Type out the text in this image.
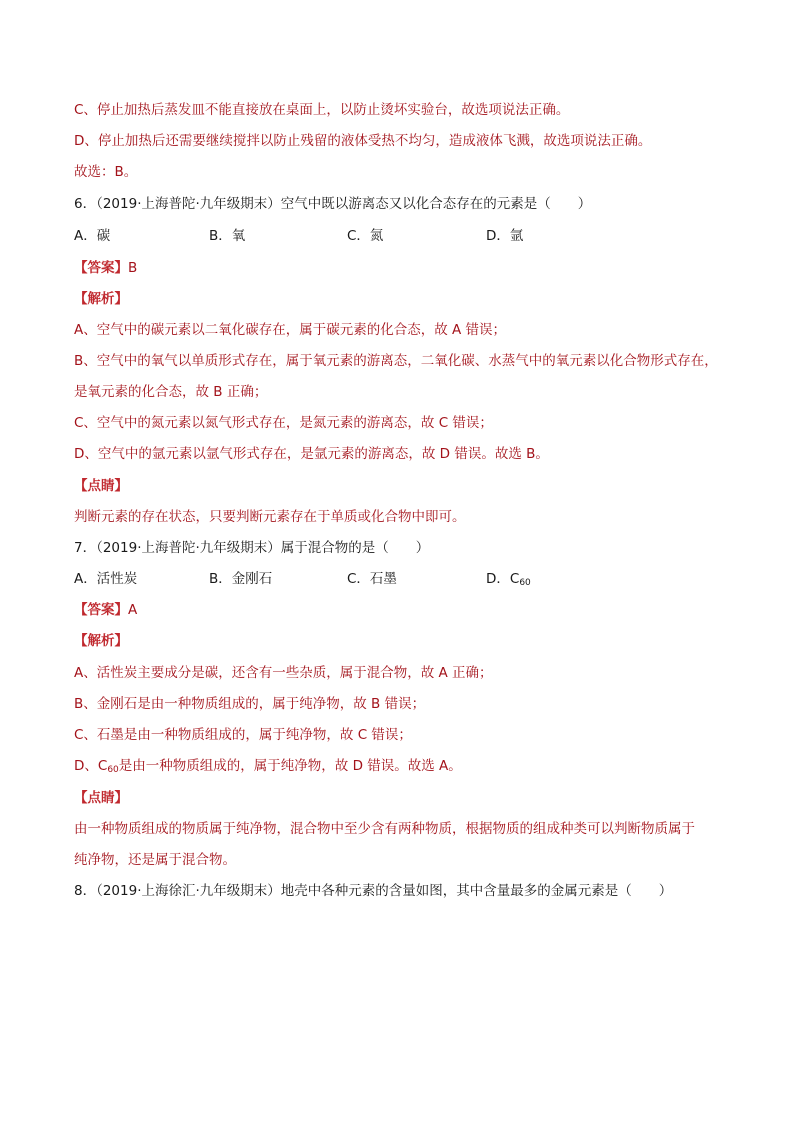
C、停止加热后蒸发皿不能直接放在桌面上，以防止烫坏实验台，故选项说法正确。
D、停止加热后还需要继续搅拌以防止残留的液体受热不均匀，造成液体飞溅，故选项说法正确。
故选：B。
6．（2019·上海普陀·九年级期末）空气中既以游离态又以化合态存在的元素是（　　）
A．碳	B．氧	C．氮	D．氩
【答案】B
【解析】
A、空气中的碳元素以二氧化碳存在，属于碳元素的化合态，故 A 错误；
B、空气中的氧气以单质形式存在，属于氧元素的游离态，二氧化碳、水蒸气中的氧元素以化合物形式存在，
是氧元素的化合态，故 B 正确；
C、空气中的氮元素以氮气形式存在，是氮元素的游离态，故 C 错误；
D、空气中的氩元素以氩气形式存在，是氩元素的游离态，故 D 错误。故选 B。
【点睛】
判断元素的存在状态，只要判断元素存在于单质或化合物中即可。
7．（2019·上海普陀·九年级期末）属于混合物的是（　　）
A．活性炭	B．金刚石	C．石墨	D．$C_{60}$
【答案】A
【解析】
A、活性炭主要成分是碳，还含有一些杂质，属于混合物，故 A 正确；
B、金刚石是由一种物质组成的，属于纯净物，故 B 错误；
C、石墨是由一种物质组成的，属于纯净物，故 C 错误；
D、$C_{60}$是由一种物质组成的，属于纯净物，故 D 错误。故选 A。
【点睛】
由一种物质组成的物质属于纯净物，混合物中至少含有两种物质，根据物质的组成种类可以判断物质属于
纯净物，还是属于混合物。
8．（2019·上海徐汇·九年级期末）地壳中各种元素的含量如图，其中含量最多的金属元素是（　　）
